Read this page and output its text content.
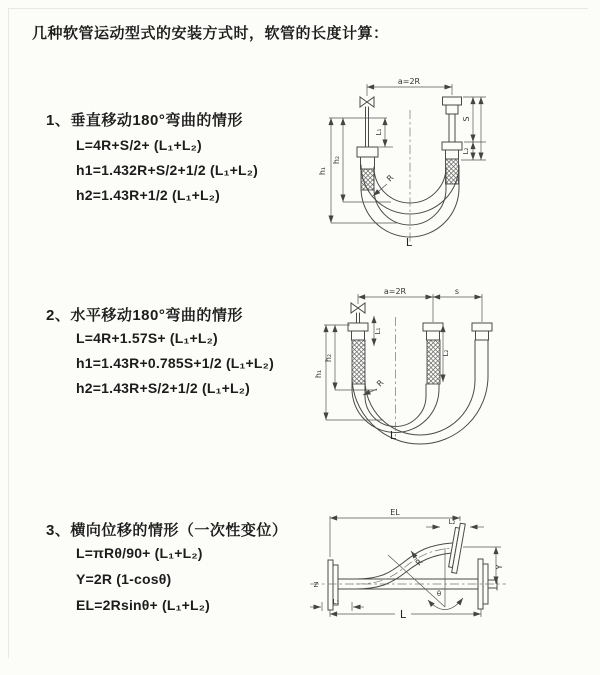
几种软管运动型式的安装方式时，软管的长度计算：
1、垂直移动180°弯曲的情形
L=4R+S/2+ (L₁+L₂)
h1=1.432R+S/2+1/2 (L₁+L₂)
h2=1.43R+1/2 (L₁+L₂)
2、水平移动180°弯曲的情形
L=4R+1.57S+ (L₁+L₂)
h1=1.43R+0.785S+1/2 (L₁+L₂)
h2=1.43R+S/2+1/2 (L₁+L₂)
3、横向位移的情形（一次性变位）
L=πRθ/90+ (L₁+L₂)
Y=2R (1-cosθ)
EL=2Rsinθ+ (L₁+L₂)
a=2R
h₁
h₂
L₁
S
L₂
R
L
a=2R	s
h₁
h₂
L₁
L₂
R
L
EL
L₂
Z
Y
L
L₁
θ
R
